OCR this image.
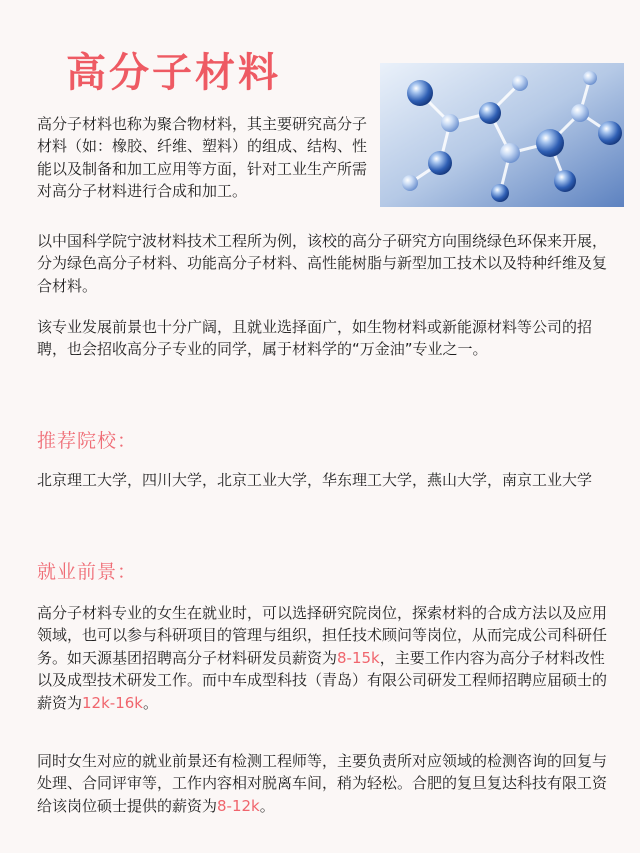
高分子材料

高分子材料也称为聚合物材料，其主要研究高分子材料（如：橡胶、纤维、塑料）的组成、结构、性能以及制备和加工应用等方面，针对工业生产所需对高分子材料进行合成和加工。

以中国科学院宁波材料技术工程所为例，该校的高分子研究方向围绕绿色环保来开展，分为绿色高分子材料、功能高分子材料、高性能树脂与新型加工技术以及特种纤维及复合材料。

该专业发展前景也十分广阔，且就业选择面广，如生物材料或新能源材料等公司的招聘，也会招收高分子专业的同学，属于材料学的“万金油”专业之一。

推荐院校：

北京理工大学，四川大学，北京工业大学，华东理工大学，燕山大学，南京工业大学

就业前景：

高分子材料专业的女生在就业时，可以选择研究院岗位，探索材料的合成方法以及应用领域，也可以参与科研项目的管理与组织，担任技术顾问等岗位，从而完成公司科研任务。如天源基团招聘高分子材料研发员薪资为8-15k，主要工作内容为高分子材料改性以及成型技术研发工作。而中车成型科技（青岛）有限公司研发工程师招聘应届硕士的薪资为12k-16k。

同时女生对应的就业前景还有检测工程师等，主要负责所对应领域的检测咨询的回复与处理、合同评审等，工作内容相对脱离车间，稍为轻松。合肥的复旦复达科技有限工资给该岗位硕士提供的薪资为8-12k。
